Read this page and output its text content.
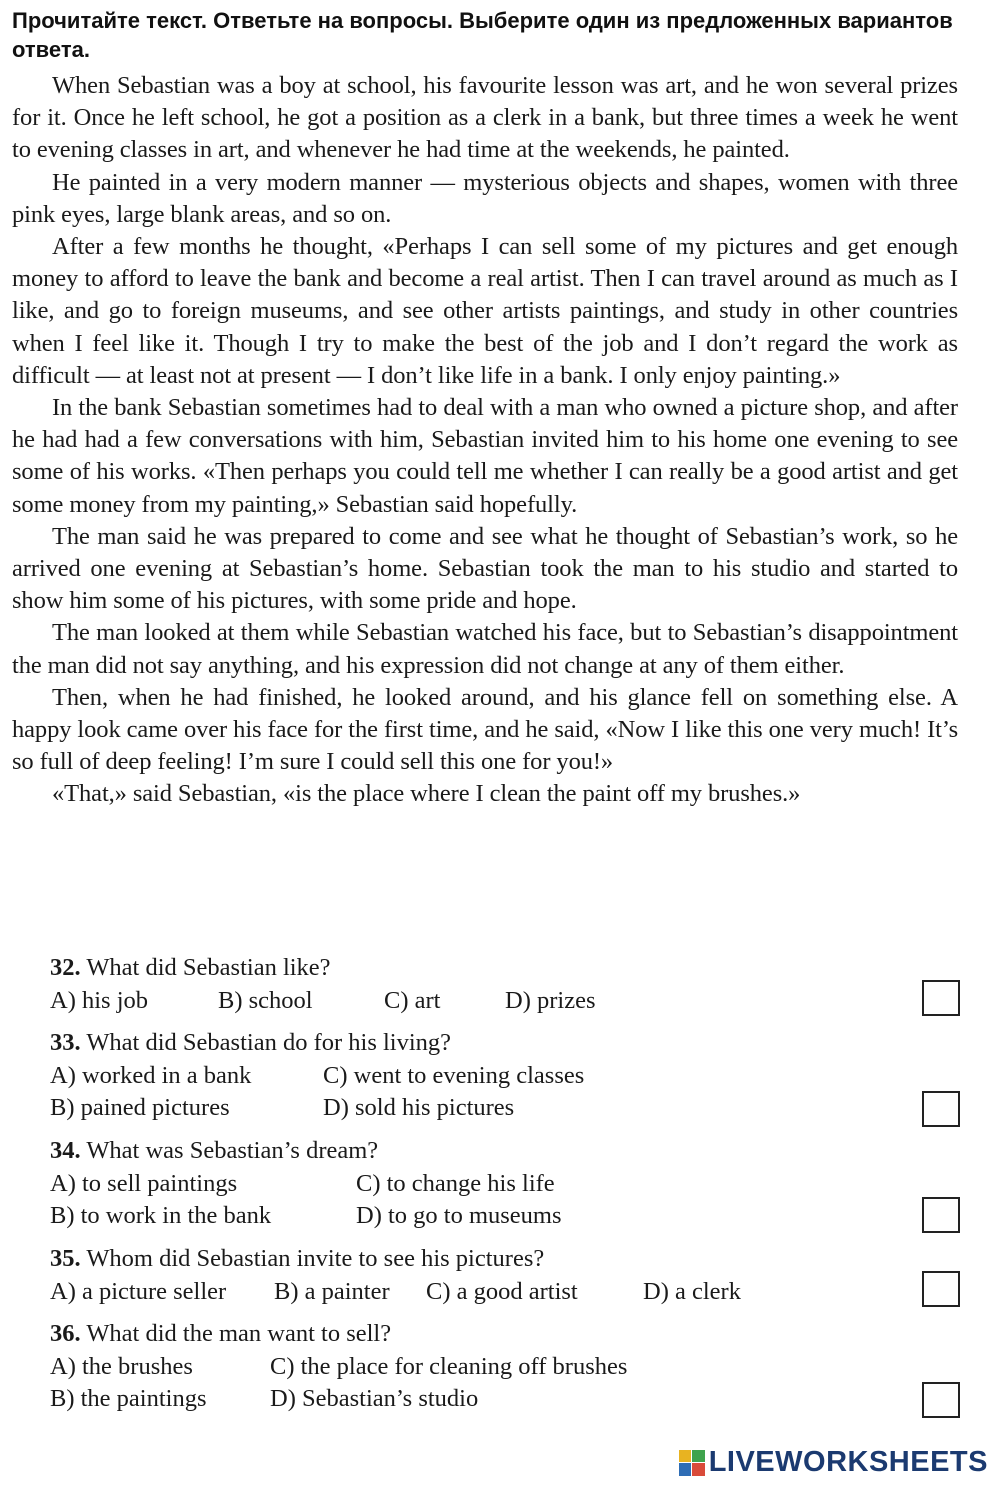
Прочитайте текст. Ответьте на вопросы. Выберите один из предложенных вариантов ответа.

When Sebastian was a boy at school, his favourite lesson was art, and he won several prizes for it. Once he left school, he got a position as a clerk in a bank, but three times a week he went to evening classes in art, and whenever he had time at the weekends, he painted.

He painted in a very modern manner — mysterious objects and shapes, women with three pink eyes, large blank areas, and so on.

After a few months he thought, «Perhaps I can sell some of my pictures and get enough money to afford to leave the bank and become a real artist. Then I can travel around as much as I like, and go to foreign museums, and see other artists paintings, and study in other countries when I feel like it. Though I try to make the best of the job and I don’t regard the work as difficult — at least not at present — I don’t like life in a bank. I only enjoy painting.»

In the bank Sebastian sometimes had to deal with a man who owned a picture shop, and after he had had a few conversations with him, Sebastian invited him to his home one evening to see some of his works. «Then perhaps you could tell me whether I can really be a good artist and get some money from my painting,» Sebastian said hopefully.

The man said he was prepared to come and see what he thought of Sebastian’s work, so he arrived one evening at Sebastian’s home. Sebastian took the man to his studio and started to show him some of his pictures, with some pride and hope.

The man looked at them while Sebastian watched his face, but to Sebastian’s disappointment the man did not say anything, and his expression did not change at any of them either.

Then, when he had finished, he looked around, and his glance fell on something else. A happy look came over his face for the first time, and he said, «Now I like this one very much! It’s so full of deep feeling! I’m sure I could sell this one for you!»

«That,» said Sebastian, «is the place where I clean the paint off my brushes.»

32. What did Sebastian like?
A) his job	B) school	C) art	D) prizes
33. What did Sebastian do for his living?
A) worked in a bank	C) went to evening classes
B) pained pictures	D) sold his pictures
34. What was Sebastian’s dream?
A) to sell paintings	C) to change his life
B) to work in the bank	D) to go to museums
35. Whom did Sebastian invite to see his pictures?
A) a picture seller B) a painter C) a good artist	D) a clerk
36. What did the man want to sell?
A) the brushes	C) the place for cleaning off brushes
B) the paintings	D) Sebastian’s studio
LIVEWORKSHEETS
